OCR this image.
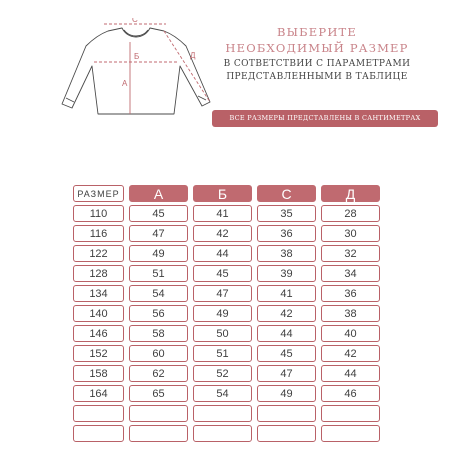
С
Б
А
Д
ВЫБЕРИТЕ
НЕОБХОДИМЫЙ РАЗМЕР
В СОТВЕТСТВИИ С ПАРАМЕТРАМИ
ПРЕДСТАВЛЕННЫМИ В ТАБЛИЦЕ
ВСЕ РАЗМЕРЫ ПРЕДСТАВЛЕНЫ В САНТИМЕТРАХ
РАЗМЕР	А	Б	С	Д
110	45	41	35	28
116	47	42	36	30
122	49	44	38	32
128	51	45	39	34
134	54	47	41	36
140	56	49	42	38
146	58	50	44	40
152	60	51	45	42
158	62	52	47	44
164	65	54	49	46
